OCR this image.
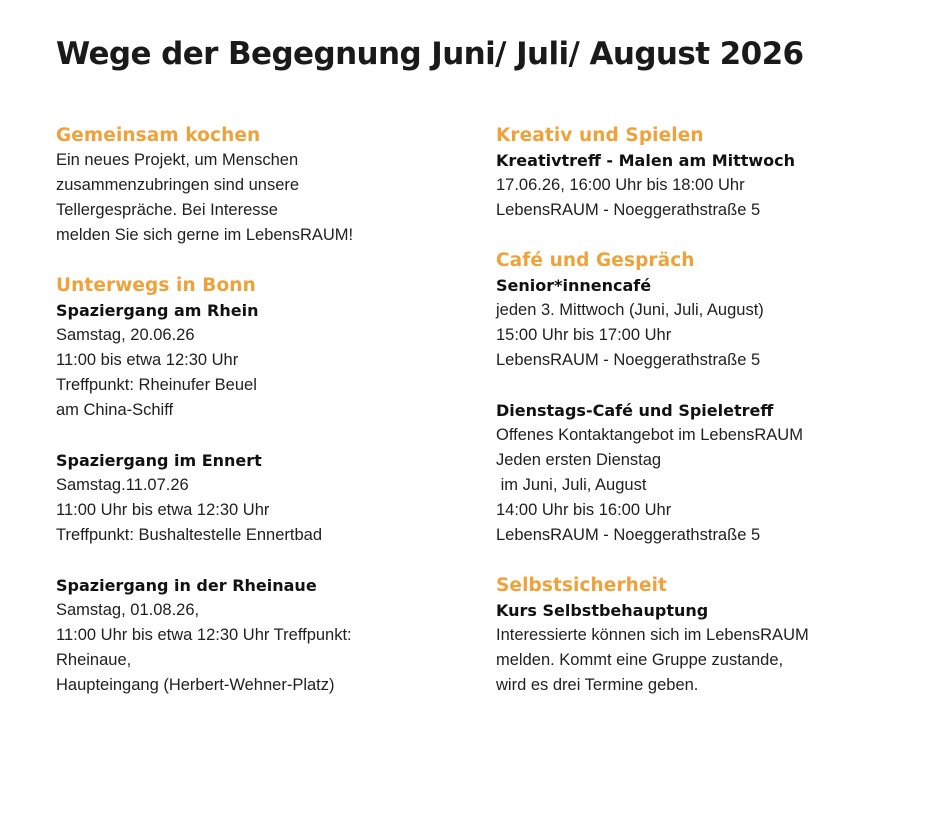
Wege der Begegnung Juni/ Juli/ August 2026
Gemeinsam kochen
Ein neues Projekt, um Menschen
zusammenzubringen sind unsere
Tellergespräche. Bei Interesse
melden Sie sich gerne im LebensRAUM!
Unterwegs in Bonn
Spaziergang am Rhein
Samstag, 20.06.26
11:00 bis etwa 12:30 Uhr
Treffpunkt: Rheinufer Beuel
am China-Schiff
Spaziergang im Ennert
Samstag.11.07.26
11:00 Uhr bis etwa 12:30 Uhr
Treffpunkt: Bushaltestelle Ennertbad
Spaziergang in der Rheinaue
Samstag, 01.08.26,
11:00 Uhr bis etwa 12:30 Uhr Treffpunkt:
Rheinaue,
Haupteingang (Herbert-Wehner-Platz)
Kreativ und Spielen
Kreativtreff - Malen am Mittwoch
17.06.26, 16:00 Uhr bis 18:00 Uhr
LebensRAUM - Noeggerathstraße 5
Café und Gespräch
Senior*innencafé
jeden 3. Mittwoch (Juni, Juli, August)
15:00 Uhr bis 17:00 Uhr
LebensRAUM - Noeggerathstraße 5
Dienstags-Café und Spieletreff
Offenes Kontaktangebot im LebensRAUM
Jeden ersten Dienstag
im Juni, Juli, August
14:00 Uhr bis 16:00 Uhr
LebensRAUM - Noeggerathstraße 5
Selbstsicherheit
Kurs Selbstbehauptung
Interessierte können sich im LebensRAUM
melden. Kommt eine Gruppe zustande,
wird es drei Termine geben.
